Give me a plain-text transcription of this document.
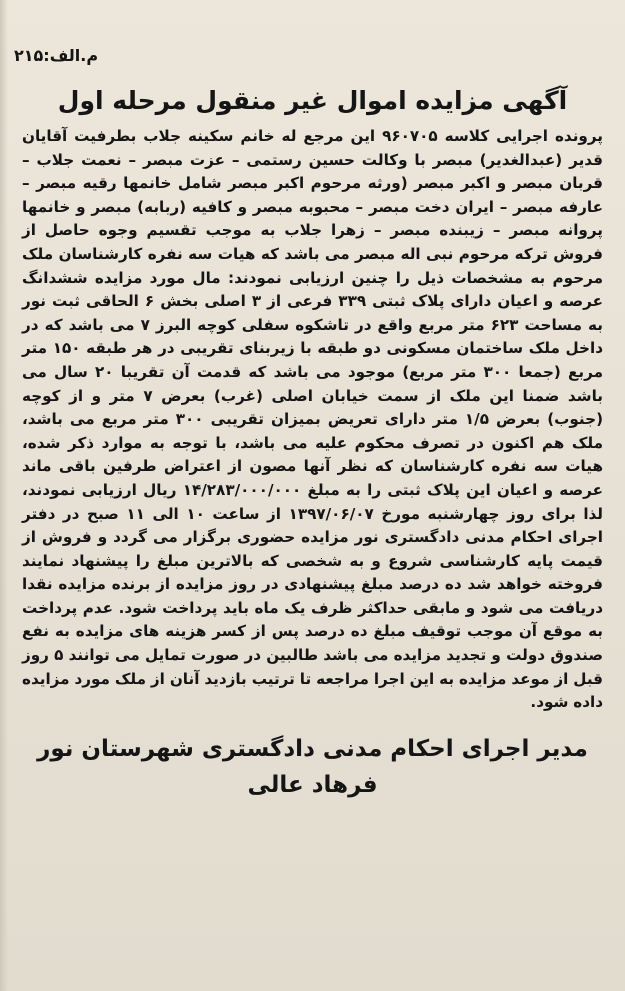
م.الف:۲۱۵
آگهی مزایده اموال غیر منقول مرحله اول

پرونده اجرایی کلاسه ۹۶۰۷۰۵ این مرجع له خانم سکینه جلاب بطرفیت آقایان قدیر (عبدالغدیر) مبصر با وکالت حسین رستمی – عزت مبصر – نعمت جلاب – قربان مبصر و اکبر مبصر (ورثه مرحوم اکبر مبصر شامل خانمها رقیه مبصر – عارفه مبصر – ایران دخت مبصر – محبوبه مبصر و کافیه (ربابه) مبصر و خانمها پروانه مبصر – زیبنده مبصر – زهرا جلاب به موجب تقسیم وجوه حاصل از فروش ترکه مرحوم نبی اله مبصر می باشد که هیات سه نفره کارشناسان ملک مرحوم به مشخصات ذیل را چنین ارزیابی نمودند: مال مورد مزایده ششدانگ عرصه و اعیان دارای پلاک ثبتی ۳۳۹ فرعی از ۳ اصلی بخش ۶ الحاقی ثبت نور به مساحت ۶۲۳ متر مربع واقع در تاشکوه سفلی کوچه البرز ۷ می باشد که در داخل ملک ساختمان مسکونی دو طبقه با زیربنای تقریبی در هر طبقه ۱۵۰ متر مربع (جمعا ۳۰۰ متر مربع) موجود می باشد که قدمت آن تقریبا ۲۰ سال می باشد ضمنا این ملک از سمت خیابان اصلی (غرب) بعرض ۷ متر و از کوچه (جنوب) بعرض ۱/۵ متر دارای تعریض بمیزان تقریبی ۳۰۰ متر مربع می باشد، ملک هم اکنون در تصرف محکوم علیه می باشد، با توجه به موارد ذکر شده، هیات سه نفره کارشناسان که نظر آنها مصون از اعتراض طرفین باقی ماند عرصه و اعیان این پلاک ثبتی را به مبلغ ۱۴/۲۸۳/۰۰۰/۰۰۰ ریال ارزیابی نمودند، لذا برای روز چهارشنبه مورخ ۱۳۹۷/۰۶/۰۷ از ساعت ۱۰ الی ۱۱ صبح در دفتر اجرای احکام مدنی دادگستری نور مزایده حضوری برگزار می گردد و فروش از قیمت پایه کارشناسی شروع و به شخصی که بالاترین مبلغ را پیشنهاد نمایند فروخته خواهد شد ده درصد مبلغ پیشنهادی در روز مزایده از برنده مزایده نقدا دریافت می شود و مابقی حداکثر ظرف یک ماه باید پرداخت شود. عدم پرداخت به موقع آن موجب توقیف مبلغ ده درصد پس از کسر هزینه های مزایده به نفع صندوق دولت و تجدید مزایده می باشد طالبین در صورت تمایل می توانند ۵ روز قبل از موعد مزایده به این اجرا مراجعه تا ترتیب بازدید آنان از ملک مورد مزایده داده شود.

مدیر اجرای احکام مدنی دادگستری شهرستان نور
فرهاد عالی
